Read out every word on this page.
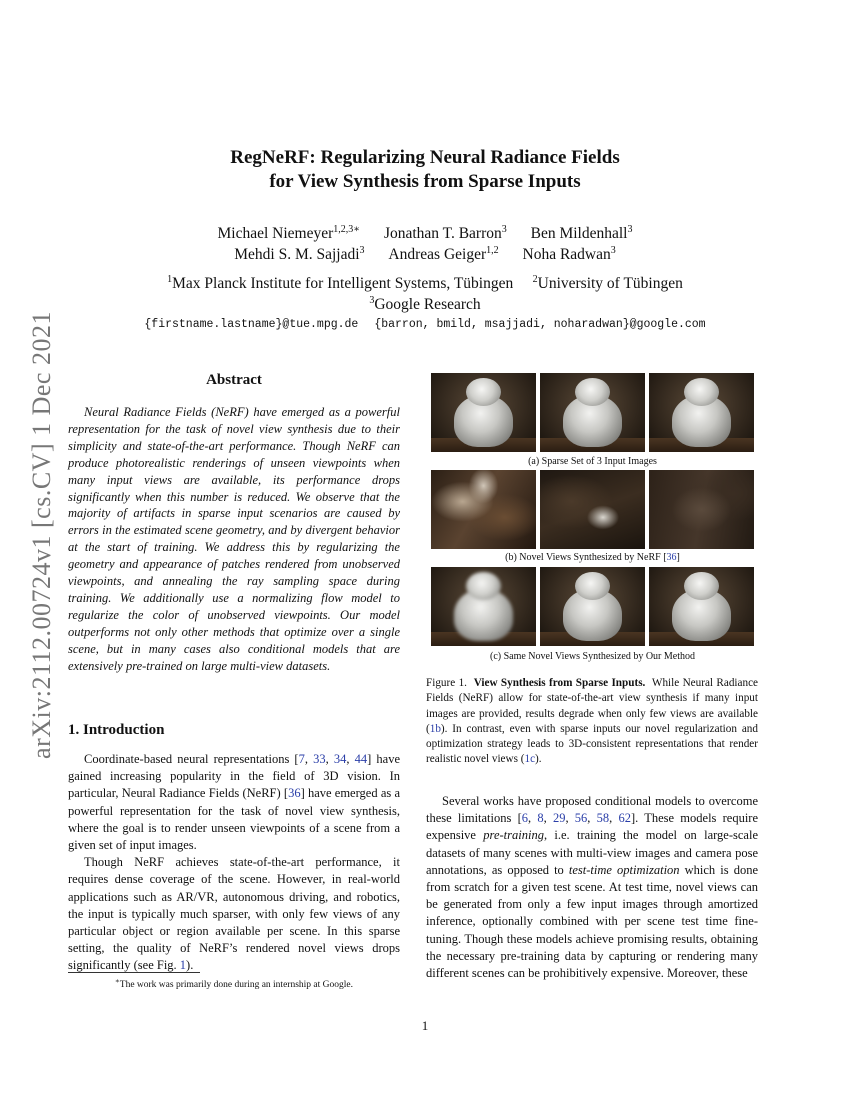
arXiv:2112.00724v1 [cs.CV] 1 Dec 2021
RegNeRF: Regularizing Neural Radiance Fields
for View Synthesis from Sparse Inputs
Michael Niemeyer$^{1,2,3∗}$ Jonathan T. Barron$^3$ Ben Mildenhall$^3$
Mehdi S. M. Sajjadi$^3$ Andreas Geiger$^{1,2}$ Noha Radwan$^3$
$^1$Max Planck Institute for Intelligent Systems, Tübingen $^2$University of Tübingen
$^3$Google Research
{firstname.lastname}@tue.mpg.de {barron, bmild, msajjadi, noharadwan}@google.com
Abstract
Neural Radiance Fields (NeRF) have emerged as a powerful representation for the task of novel view synthesis due to their simplicity and state-of-the-art performance. Though NeRF can produce photorealistic renderings of unseen viewpoints when many input views are available, its performance drops significantly when this number is reduced. We observe that the majority of artifacts in sparse input scenarios are caused by errors in the estimated scene geometry, and by divergent behavior at the start of training. We address this by regularizing the geometry and appearance of patches rendered from unobserved viewpoints, and annealing the ray sampling space during training. We additionally use a normalizing flow model to regularize the color of unobserved viewpoints. Our model outperforms not only other methods that optimize over a single scene, but in many cases also conditional models that are extensively pre-trained on large multi-view datasets.
1. Introduction

Coordinate-based neural representations [7, 33, 34, 44] have gained increasing popularity in the field of 3D vision. In particular, Neural Radiance Fields (NeRF) [36] have emerged as a powerful representation for the task of novel view synthesis, where the goal is to render unseen viewpoints of a scene from a given set of input images.

Though NeRF achieves state-of-the-art performance, it requires dense coverage of the scene. However, in real-world applications such as AR/VR, autonomous driving, and robotics, the input is typically much sparser, with only few views of any particular object or region available per scene. In this sparse setting, the quality of NeRF’s rendered novel views drops significantly (see Fig. 1).

∗The work was primarily done during an internship at Google.
(a) Sparse Set of 3 Input Images
(b) Novel Views Synthesized by NeRF [36]
(c) Same Novel Views Synthesized by Our Method
Figure 1. View Synthesis from Sparse Inputs. While Neural Radiance Fields (NeRF) allow for state-of-the-art view synthesis if many input images are provided, results degrade when only few views are available (1b). In contrast, even with sparse inputs our novel regularization and optimization strategy leads to 3D-consistent representations that render realistic novel views (1c).

Several works have proposed conditional models to overcome these limitations [6, 8, 29, 56, 58, 62]. These models require expensive pre-training, i.e. training the model on large-scale datasets of many scenes with multi-view images and camera pose annotations, as opposed to test-time optimization which is done from scratch for a given test scene. At test time, novel views can be generated from only a few input images through amortized inference, optionally combined with per scene test time fine-tuning. Though these models achieve promising results, obtaining the necessary pre-training data by capturing or rendering many different scenes can be prohibitively expensive. Moreover, these

1
